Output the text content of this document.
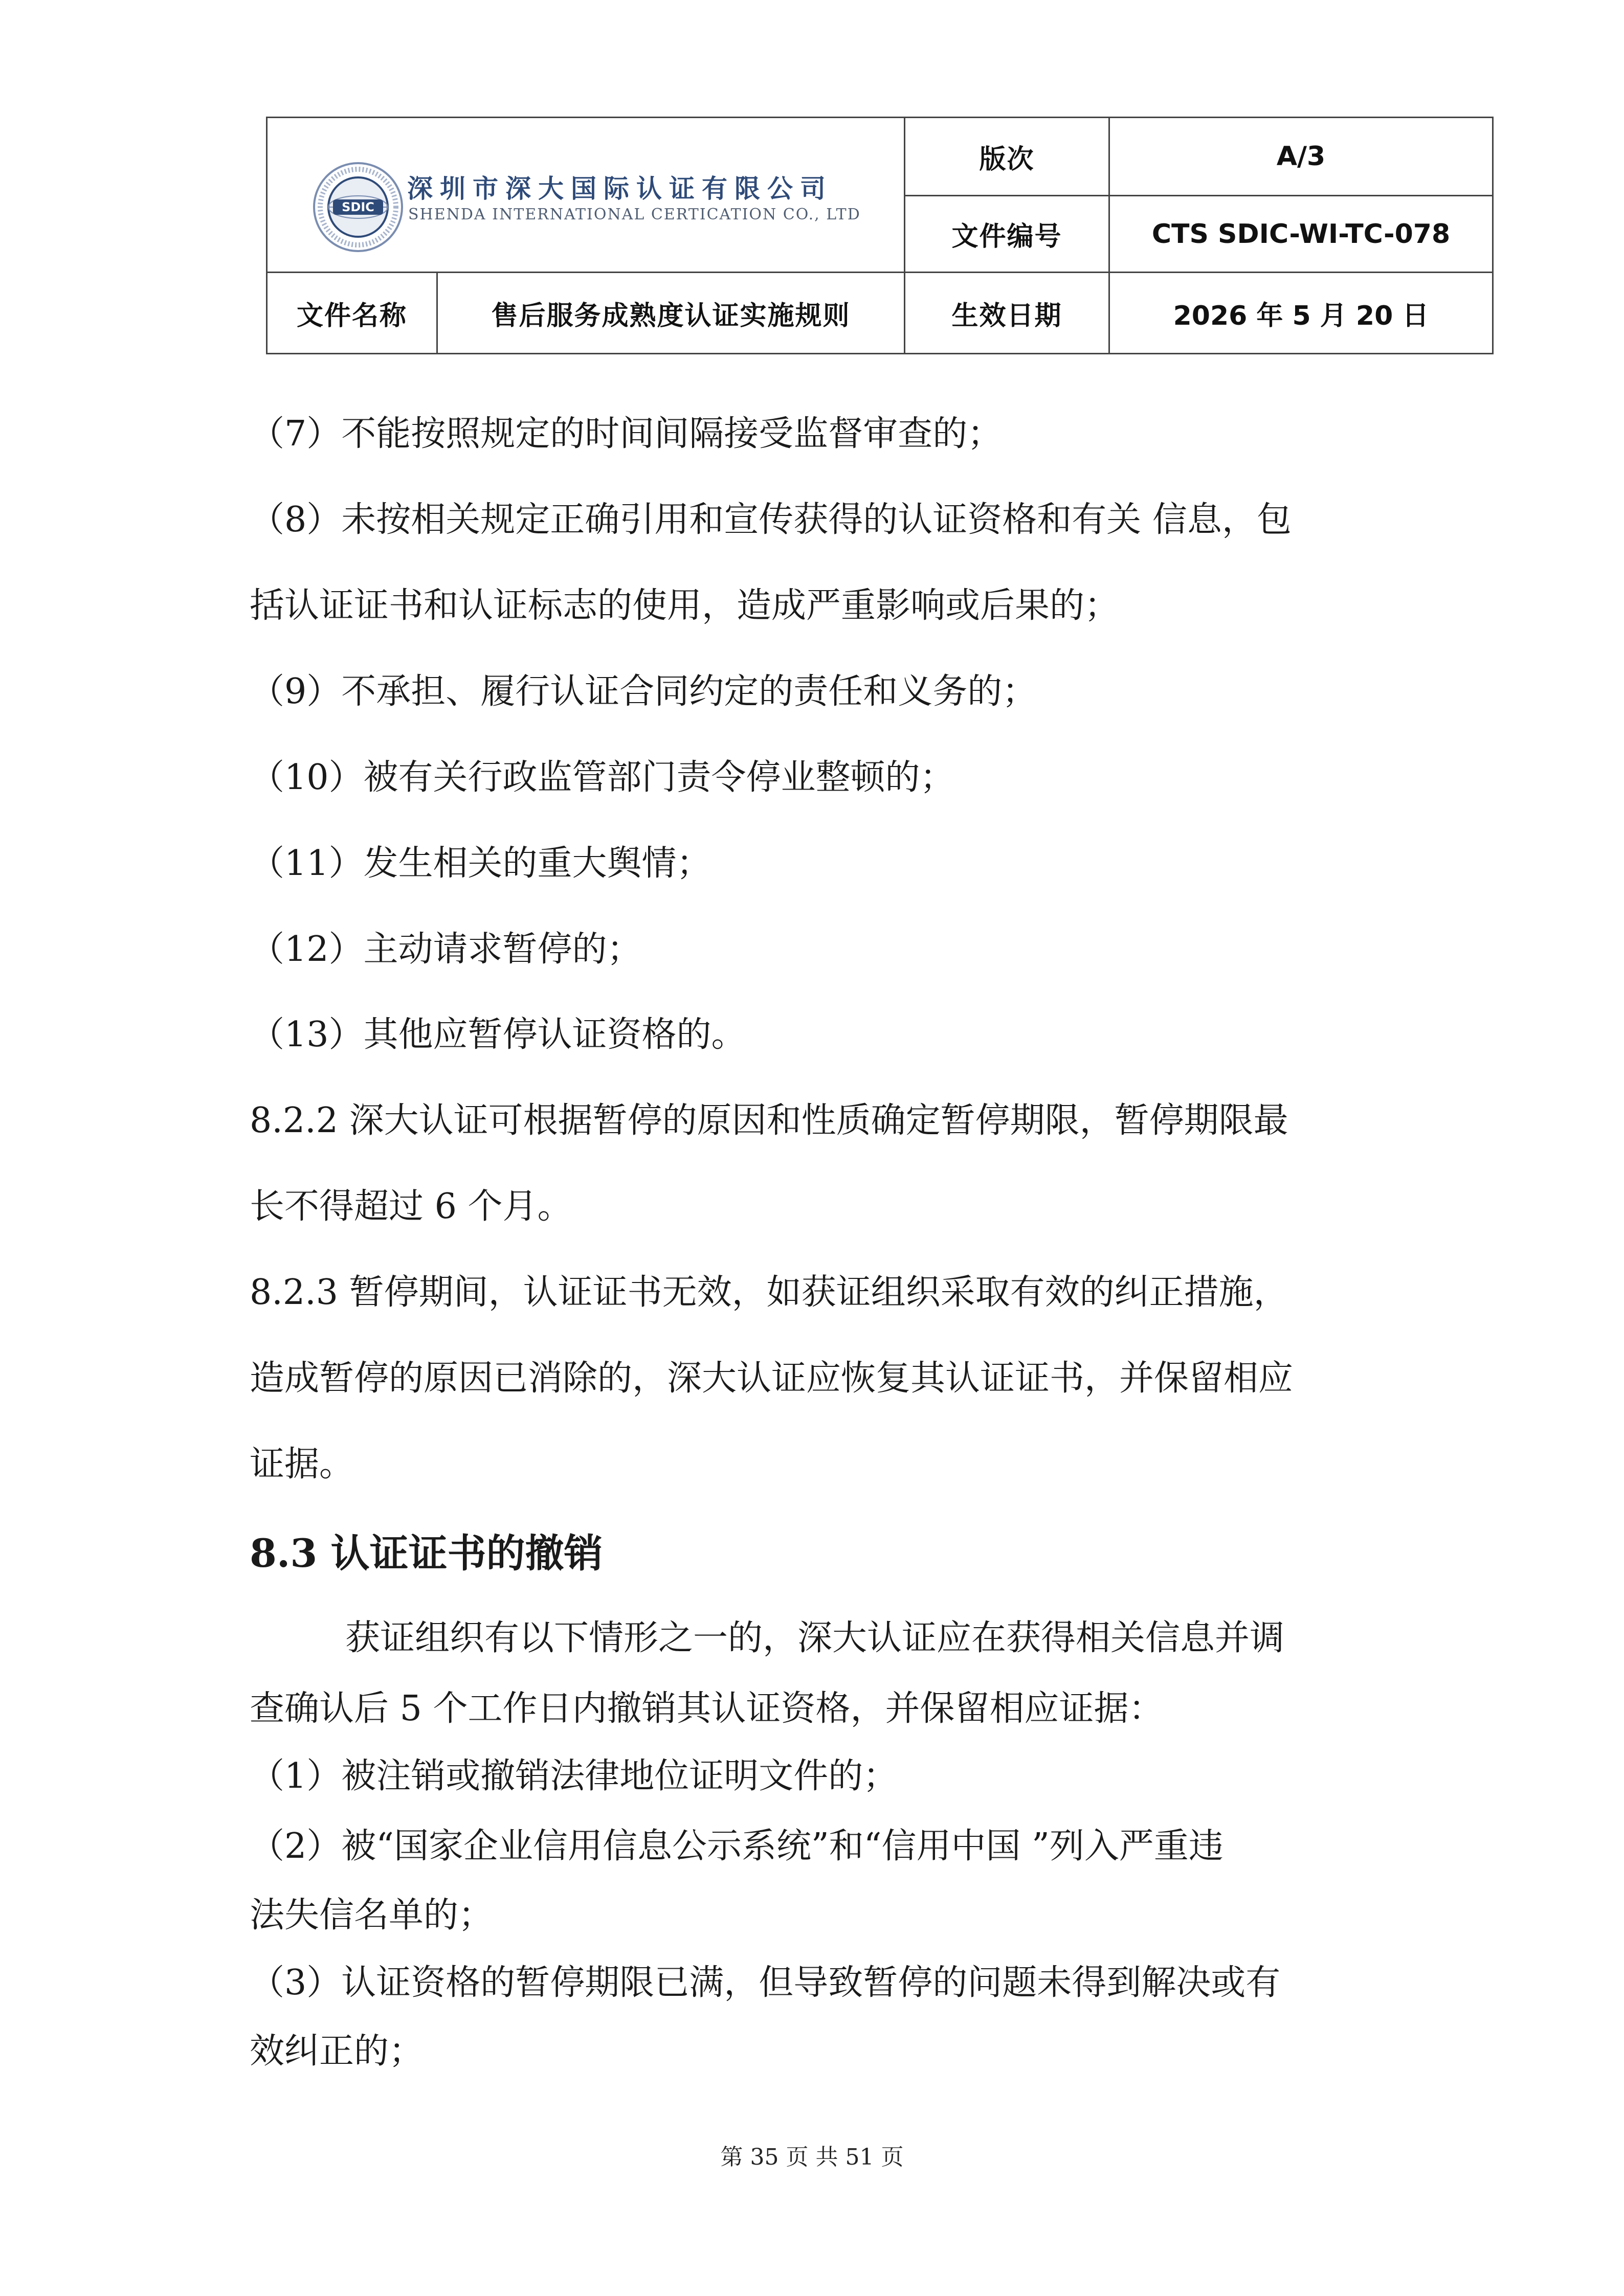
SDIC
深圳市深大国际认证有限公司
SHENDA INTERNATIONAL CERTICATION CO., LTD
版次	A/3
文件编号	CTS SDIC-WI-TC-078
文件名称	售后服务成熟度认证实施规则	生效日期	2026 年 5 月 20 日
（7）不能按照规定的时间间隔接受监督审查的；
（8）未按相关规定正确引用和宣传获得的认证资格和有关 信息，包
括认证证书和认证标志的使用，造成严重影响或后果的；
（9）不承担、履行认证合同约定的责任和义务的；
（10）被有关行政监管部门责令停业整顿的；
（11）发生相关的重大舆情；
（12）主动请求暂停的；
（13）其他应暂停认证资格的。
8.2.2 深大认证可根据暂停的原因和性质确定暂停期限，暂停期限最
长不得超过 6 个月。
8.2.3 暂停期间，认证证书无效，如获证组织采取有效的纠正措施，
造成暂停的原因已消除的，深大认证应恢复其认证证书，并保留相应
证据。
8.3 认证证书的撤销
获证组织有以下情形之一的，深大认证应在获得相关信息并调
查确认后 5 个工作日内撤销其认证资格，并保留相应证据：
（1）被注销或撤销法律地位证明文件的；
（2）被“国家企业信用信息公示系统”和“信用中国 ”列入严重违
法失信名单的；
（3）认证资格的暂停期限已满，但导致暂停的问题未得到解决或有
效纠正的；
第 35 页 共 51 页
